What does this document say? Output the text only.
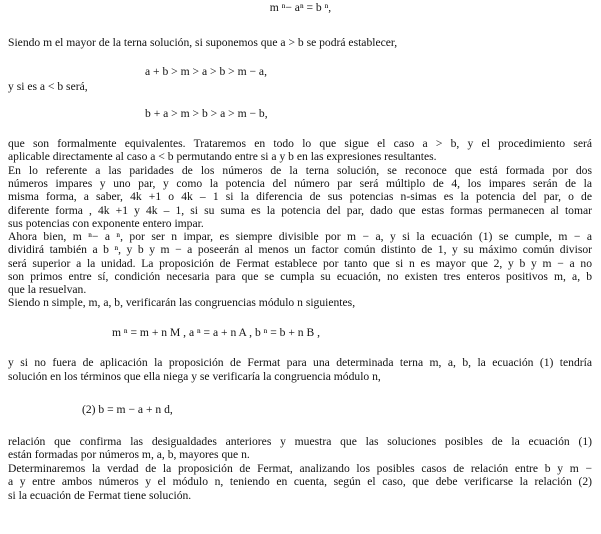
m ⁿ− aⁿ = b ⁿ,
Siendo m el mayor de la terna solución, si suponemos que a > b se podrá establecer,
a + b > m > a > b > m − a,
y si es a < b será,
b + a > m > b > a > m − b,
que son formalmente equivalentes. Trataremos en todo lo que sigue el caso a > b, y el procedimiento será
aplicable directamente al caso a < b permutando entre si a y b en las expresiones resultantes.
En lo referente a las paridades de los números de la terna solución, se reconoce que está formada por dos
números impares y uno par, y como la potencia del número par será múltiplo de 4, los impares serán de la
misma forma, a saber, 4k +1 o 4k – 1 si la diferencia de sus potencias n-simas es la potencia del par, o de
diferente forma , 4k +1 y 4k – 1, si su suma es la potencia del par, dado que estas formas permanecen al tomar
sus potencias con exponente entero impar.
Ahora bien, m ⁿ− a ⁿ, por ser n impar, es siempre divisible por m − a, y si la ecuación (1) se cumple, m − a
dividirá también a b ⁿ, y b y m − a poseerán al menos un factor común distinto de 1, y su máximo común divisor
será superior a la unidad. La proposición de Fermat establece por tanto que si n es mayor que 2, y b y m − a no
son primos entre sí, condición necesaria para que se cumpla su ecuación, no existen tres enteros positivos m, a, b
que la resuelvan.
Siendo n simple, m, a, b, verificarán las congruencias módulo n siguientes,
m ⁿ = m + n M , a ⁿ = a + n A , b ⁿ = b + n B ,
y si no fuera de aplicación la proposición de Fermat para una determinada terna m, a, b, la ecuación (1) tendría
solución en los términos que ella niega y se verificaría la congruencia módulo n,
(2) b = m − a + n d,
relación que confirma las desigualdades anteriores y muestra que las soluciones posibles de la ecuación (1)
están formadas por números m, a, b, mayores que n.
Determinaremos la verdad de la proposición de Fermat, analizando los posibles casos de relación entre b y m −
a y entre ambos números y el módulo n, teniendo en cuenta, según el caso, que debe verificarse la relación (2)
si la ecuación de Fermat tiene solución.
